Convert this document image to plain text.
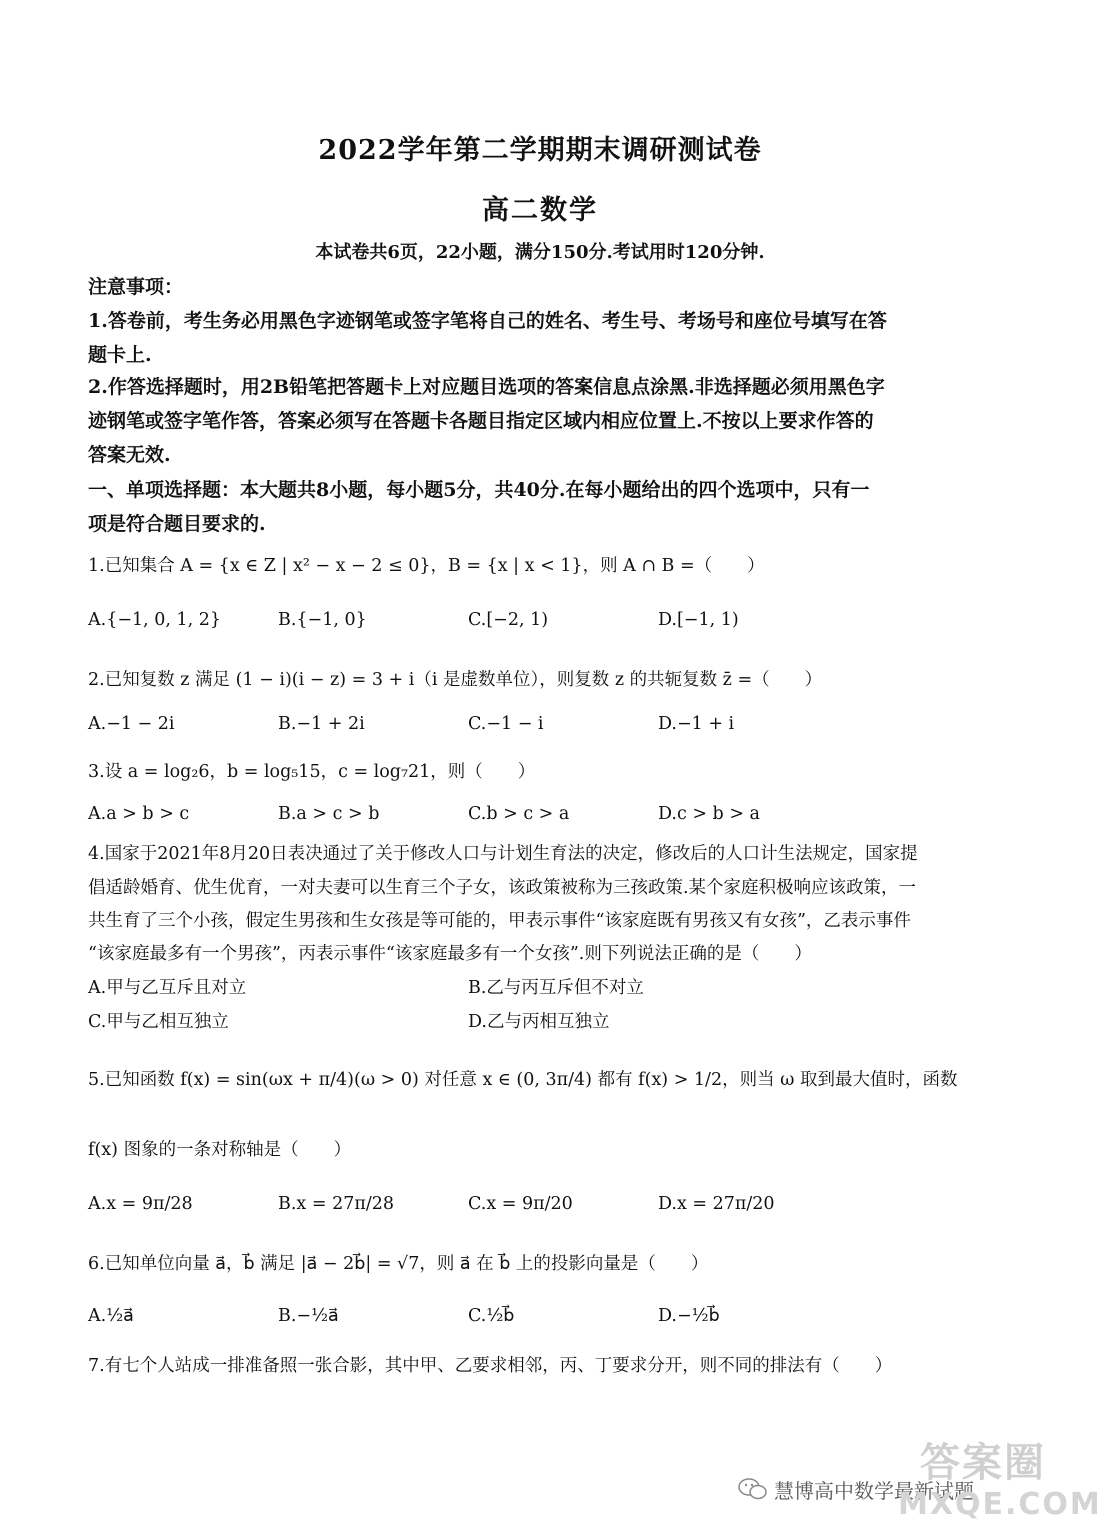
2022学年第二学期期末调研测试卷
高二数学
本试卷共6页，22小题，满分150分.考试用时120分钟.
注意事项：
1.答卷前，考生务必用黑色字迹钢笔或签字笔将自己的姓名、考生号、考场号和座位号填写在答
题卡上.
2.作答选择题时，用2B铅笔把答题卡上对应题目选项的答案信息点涂黑.非选择题必须用黑色字
迹钢笔或签字笔作答，答案必须写在答题卡各题目指定区域内相应位置上.不按以上要求作答的
答案无效.
一、单项选择题：本大题共8小题，每小题5分，共40分.在每小题给出的四个选项中，只有一
项是符合题目要求的.
1.已知集合 A = {x ∈ Z | x² − x − 2 ≤ 0}，B = {x | x < 1}，则 A ∩ B =（　　）
A.{−1, 0, 1, 2}	B.{−1, 0}	C.[−2, 1)	D.[−1, 1)
2.已知复数 z 满足 (1 − i)(i − z) = 3 + i（i 是虚数单位），则复数 z 的共轭复数 z̄ =（　　）
A.−1 − 2i	B.−1 + 2i	C.−1 − i	D.−1 + i
3.设 a = log₂6，b = log₅15，c = log₇21，则（　　）
A.a > b > c	B.a > c > b	C.b > c > a	D.c > b > a
4.国家于2021年8月20日表决通过了关于修改人口与计划生育法的决定，修改后的人口计生法规定，国家提
倡适龄婚育、优生优育，一对夫妻可以生育三个子女，该政策被称为三孩政策.某个家庭积极响应该政策，一
共生育了三个小孩，假定生男孩和生女孩是等可能的，甲表示事件“该家庭既有男孩又有女孩”，乙表示事件
“该家庭最多有一个男孩”，丙表示事件“该家庭最多有一个女孩”.则下列说法正确的是（　　）
A.甲与乙互斥且对立	B.乙与丙互斥但不对立
C.甲与乙相互独立	D.乙与丙相互独立
5.已知函数 f(x) = sin(ωx + π/4)(ω > 0) 对任意 x ∈ (0, 3π/4) 都有 f(x) > 1/2，则当 ω 取到最大值时，函数
f(x) 图象的一条对称轴是（　　）
A.x = 9π/28	B.x = 27π/28	C.x = 9π/20	D.x = 27π/20
6.已知单位向量 a⃗，b⃗ 满足 |a⃗ − 2b⃗| = √7，则 a⃗ 在 b⃗ 上的投影向量是（　　）
A.½a⃗	B.−½a⃗	C.½b⃗	D.−½b⃗
7.有七个人站成一排准备照一张合影，其中甲、乙要求相邻，丙、丁要求分开，则不同的排法有（　　）
答案圈
慧博高中数学最新试题
MXQE.COM
